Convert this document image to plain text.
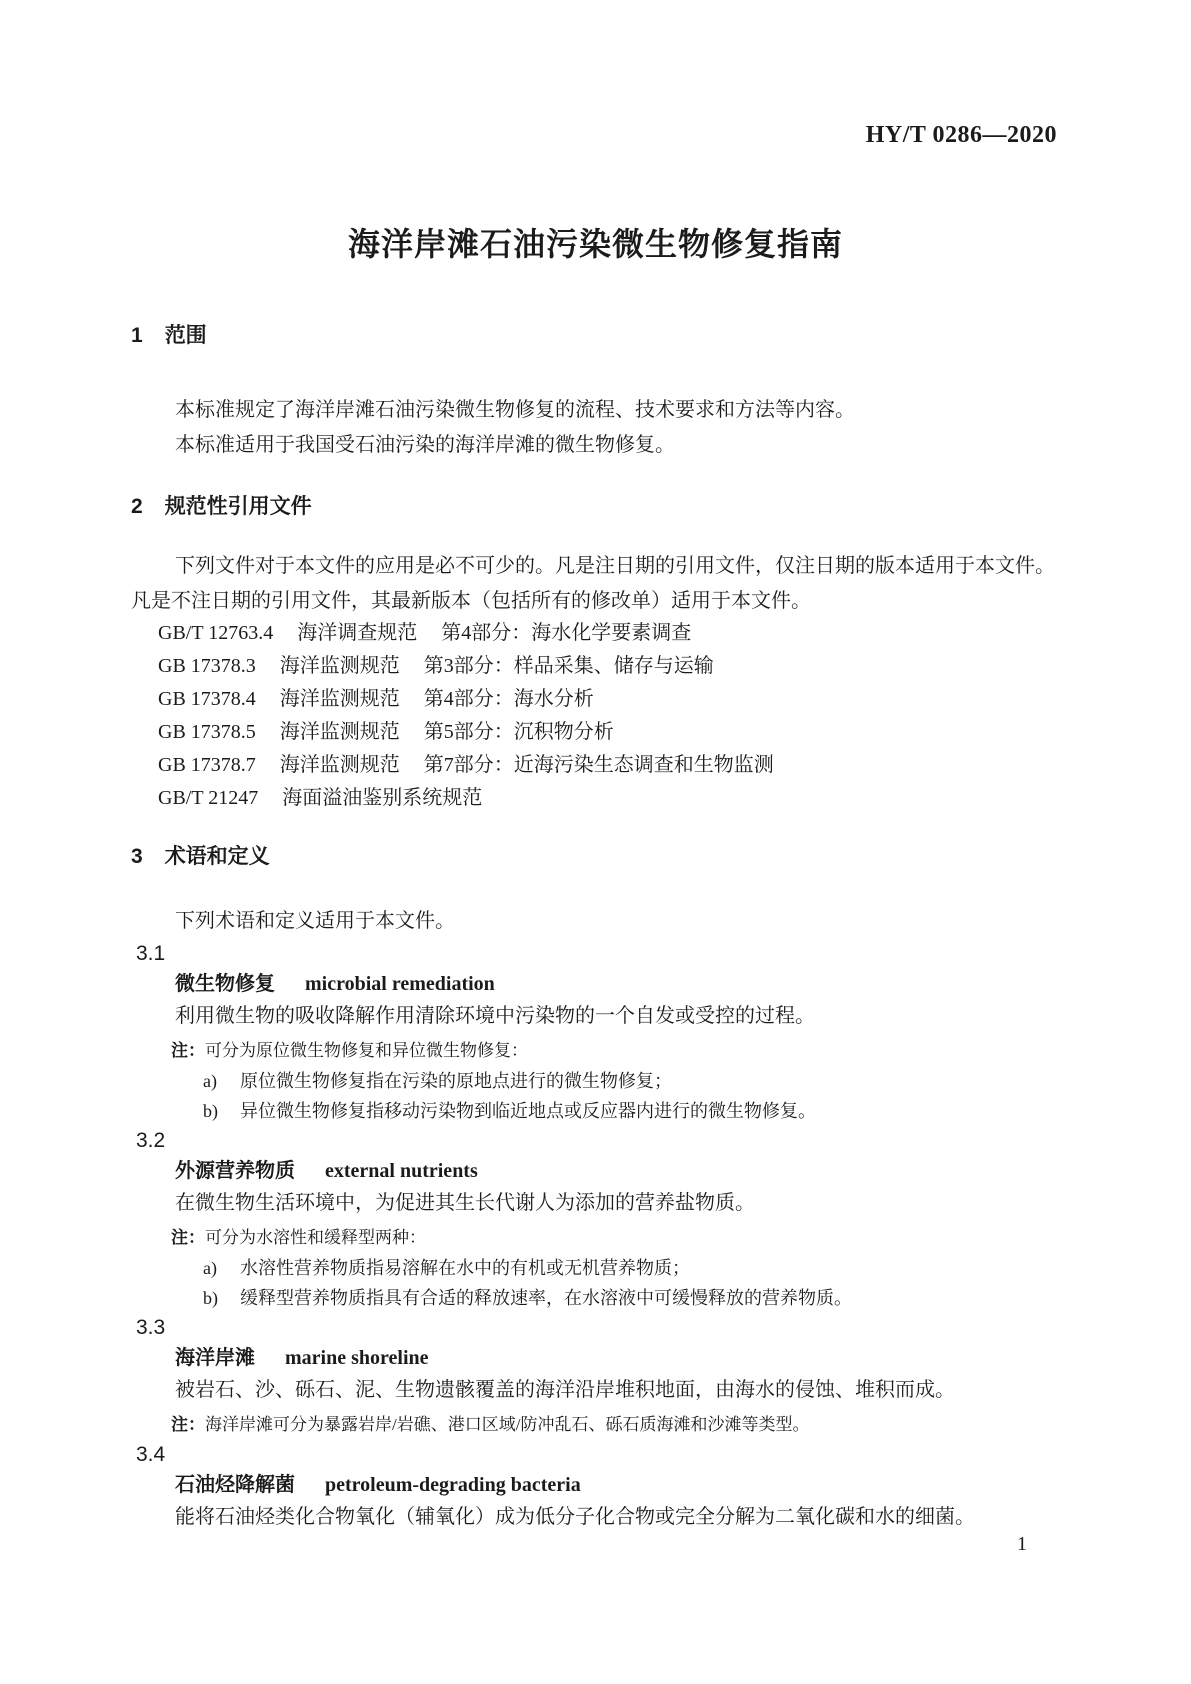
HY/T 0286—2020
海洋岸滩石油污染微生物修复指南
1 范围

本标准规定了海洋岸滩石油污染微生物修复的流程、技术要求和方法等内容。

本标准适用于我国受石油污染的海洋岸滩的微生物修复。

2 规范性引用文件

下列文件对于本文件的应用是必不可少的。凡是注日期的引用文件，仅注日期的版本适用于本文件。凡是不注日期的引用文件，其最新版本（包括所有的修改单）适用于本文件。

GB/T 12763.4 海洋调查规范 第4部分：海水化学要素调查
GB 17378.3 海洋监测规范 第3部分：样品采集、储存与运输
GB 17378.4 海洋监测规范 第4部分：海水分析
GB 17378.5 海洋监测规范 第5部分：沉积物分析
GB 17378.7 海洋监测规范 第7部分：近海污染生态调查和生物监测
GB/T 21247 海面溢油鉴别系统规范
3 术语和定义

下列术语和定义适用于本文件。

3.1
微生物修复 microbial remediation

利用微生物的吸收降解作用清除环境中污染物的一个自发或受控的过程。

注：可分为原位微生物修复和异位微生物修复：
a) 原位微生物修复指在污染的原地点进行的微生物修复；
b) 异位微生物修复指移动污染物到临近地点或反应器内进行的微生物修复。
3.2
外源营养物质 external nutrients

在微生物生活环境中，为促进其生长代谢人为添加的营养盐物质。

注：可分为水溶性和缓释型两种：
a) 水溶性营养物质指易溶解在水中的有机或无机营养物质；
b) 缓释型营养物质指具有合适的释放速率，在水溶液中可缓慢释放的营养物质。
3.3
海洋岸滩 marine shoreline

被岩石、沙、砾石、泥、生物遗骸覆盖的海洋沿岸堆积地面，由海水的侵蚀、堆积而成。

注：海洋岸滩可分为暴露岩岸/岩礁、港口区域/防冲乱石、砾石质海滩和沙滩等类型。
3.4
石油烃降解菌 petroleum-degrading bacteria

能将石油烃类化合物氧化（辅氧化）成为低分子化合物或完全分解为二氧化碳和水的细菌。

1
